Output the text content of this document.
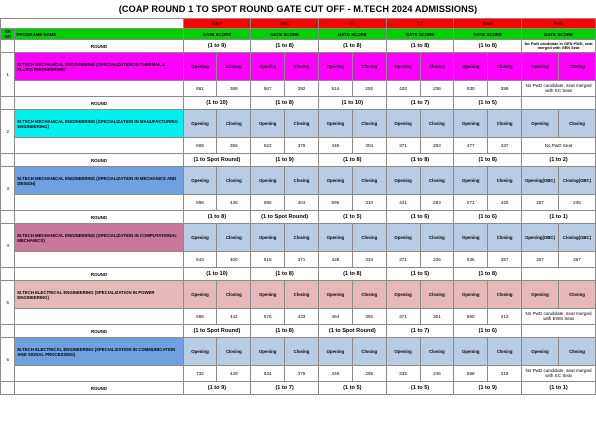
(COAP ROUND 1 TO SPOT ROUND GATE CUT OFF - M.TECH 2024 ADMISSIONS)
		GEN		OBC		SC		ST		EWS		PwD	
SR NO	PROGRAME NAME	GATE SCORE		GATE SCORE		GATE SCORE		GATE SCORE		GATE SCORE		GATE SCORE	
	ROUND	(1 to 9)		(1 to 8)		(1 to 8)		(1 to 8)		(1 to 8)		No PwD candidate in GEN PWD, seat merged with GEN Seat	
1	M.TECH MECHANICAL ENGINEERING (SPECIALIZATION IN THERMAL & FLUIDS ENGINEERING)	Opening	Closing	Opening	Closing	Opening	Closing	Opening	Closing	Opening	Closing	Opening	Closing
		661	388	567	392	514	292	420	236	530	359	No PwD candidate, seat merged with SC Seat	
	ROUND	(1 to 10)		(1 to 8)		(1 to 10)		(1 to 7)		(1 to 5)			
2	M.TECH MECHANICAL ENGINEERING (SPECIALIZATION IN MANUFACTURING ENGINEERING)	Opening	Closing	Opening	Closing	Opening	Closing	Opening	Closing	Opening	Closing	Opening	Closing
		608	355	522	379	449	304	371	253	477	437	No PwD Seat	
	ROUND	(1 to Spot Round)		(1 to 9)		(1 to 8)		(1 to 8)		(1 to 8)		(1 to 2)	
3	M.TECH MECHANICAL ENGINEERING (SPECIALIZATION IN MECHANICS AND DESIGN)	Opening	Closing	Opening	Closing	Opening	Closing	Opening	Closing	Opening	Closing	Opening(OBC)	Closing(OBC)
		698	445	596	404	555	310	441	253	571	420	367	245
	ROUND	(1 to 8)		(1 to Spot Round)		(1 to 5)		(1 to 6)		(1 to 6)		(1 to 1)	
4	M.TECH MECHANICAL ENGINEERING (SPECIALIZATION IN COMPUTATIONAL MECHANICS)	Opening	Closing	Opening	Closing	Opening	Closing	Opening	Closing	Opening	Closing	Opening(OBC)	Closing(OBC)
		643	400	518	371	428	334	371	236	535	357	367	367
	ROUND	(1 to 10)		(1 to 8)		(1 to 8)		(1 to 5)		(1 to 8)			
5	M.TECH ELECTRICAL ENGINEERING (SPECIALIZATION IN POWER ENGINEERING)	Opening	Closing	Opening	Closing	Opening	Closing	Opening	Closing	Opening	Closing	Opening	Closing
		666	442	575	433	464	350	371	301	560	413	No PwD candidate, seat merged with EWS Seat	
	ROUND	(1 to Spot Round)		(1 to 8)		(1 to Spot Round)		(1 to 7)		(1 to 6)			
6	M.TECH ELECTRICAL ENGINEERING (SPECIALIZATION IN COMMUNICATION AND SIGNAL PROCESSING)	Opening	Closing	Opening	Closing	Opening	Closing	Opening	Closing	Opening	Closing	Opening	Closing
		732	449	534	375	449	295	335	246	568	318	No PwD candidate, seat merged with SC Seat	
	ROUND	(1 to 9)		(1 to 7)		(1 to 5)		(1 to 5)		(1 to 9)		(1 to 1)	
